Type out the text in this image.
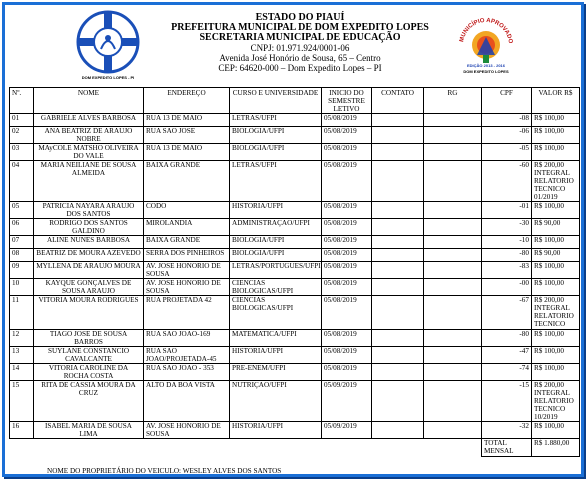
DOM EXPEDITO LOPES - PI
ESTADO DO PIAUÍ
PREFEITURA MUNICIPAL DE DOM EXPEDITO LOPES
SECRETARIA MUNICIPAL DE EDUCAÇÃO
CNPJ: 01.971.924/0001-06
Avenida José Honório de Sousa, 65 – Centro
CEP: 64620-000 – Dom Expedito Lopes – PI
MUNICÍPIO APROVADO
EDIÇÃO 2013 - 2016
DOM EXPEDITO LOPES
Nº.	NOME	ENDEREÇO	CURSO E UNIVERSIDADE	INICIO DO SEMESTRE LETIVO	CONTATO	RG	CPF	VALOR R$
01	GABRIELE ALVES BARBOSA	RUA 13 DE MAIO	LETRAS/UFPI	05/08/2019			-08	R$ 100,00
02	ANA BEATRIZ DE ARAUJO NOBRE	RUA SAO JOSE	BIOLOGIA/UFPI	05/08/2019			-06	R$ 100,00
03	MAyCOLE MATSHO OLIVEIRA DO VALE	RUA 13 DE MAIO	BIOLOGIA/UFPI	05/08/2019			-05	R$ 100,00
04	MARIA NEILIANE DE SOUSA ALMEIDA	BAIXA GRANDE	LETRAS/UFPI	05/08/2019			-60	R$ 200,00 INTEGRAL RELATORIO TECNICO 01/2019
05	PATRICIA NAYARA ARAUJO DOS SANTOS	CODO	HISTORIA/UFPI	05/08/2019			-01	R$ 100,00
06	RODRIGO DOS SANTOS GALDINO	MIROLANDIA	ADMINISTRAÇAO/UFPI	05/08/2019			-30	R$ 90,00
07	ALINE NUNES BARBOSA	BAIXA GRANDE	BIOLOGIA/UFPI	05/08/2019			-10	R$ 100,00
08	BEATRIZ DE MOURA AZEVEDO	SERRA DOS PINHEIROS	BIOLOGIA/UFPI	05/08/2019			-80	R$ 90,00
09	MYLLENA DE ARAUJO MOURA	AV. JOSE HONORIO DE SOUSA	LETRAS/PORTUGUES/UFPI	05/08/2019			-83	R$ 100,00
10	KAYQUE GONÇALVES DE SOUSA ARAUJO	AV. JOSE HONORIO DE SOUSA	CIENCIAS BIOLOGICAS/UFPI	05/08/2019			-00	R$ 100,00
11	VITORIA MOURA RODRIGUES	RUA PROJETADA 42	CIENCIAS BIOLOGICAS/UFPI	05/08/2019			-67	R$ 200,00 INTEGRAL RELATORIO TECNICO
12	TIAGO JOSE DE SOUSA BARROS	RUA SAO JOAO-169	MATEMATICA/UFPI	05/08/2019			-80	R$ 100,00
13	SUYLANE CONSTANCIO CAVALCANTE	RUA SAO JOAO/PROJETADA-45	HISTORIA/UFPI	05/08/2019			-47	R$ 100,00
14	VITORIA CAROLINE DA ROCHA COSTA	RUA SAO JOAO - 353	PRE-ENEM/UFPI	05/08/2019			-74	R$ 100,00
15	RITA DE CASSIA MOURA DA CRUZ	ALTO DA BOA VISTA	NUTRIÇAO/UFPI	05/09/2019			-15	R$ 200,00 INTEGRAL RELATORIO TECNICO 10/2019
16	ISABEL MARIA DE SOUSA LIMA	AV. JOSE HONORIO DE SOUSA	HISTORIA/UFPI	05/09/2019			-32	R$ 100,00
							TOTAL MENSAL	R$ 1.880,00
NOME DO PROPRIETÁRIO DO VEICULO: WESLEY ALVES DOS SANTOS
